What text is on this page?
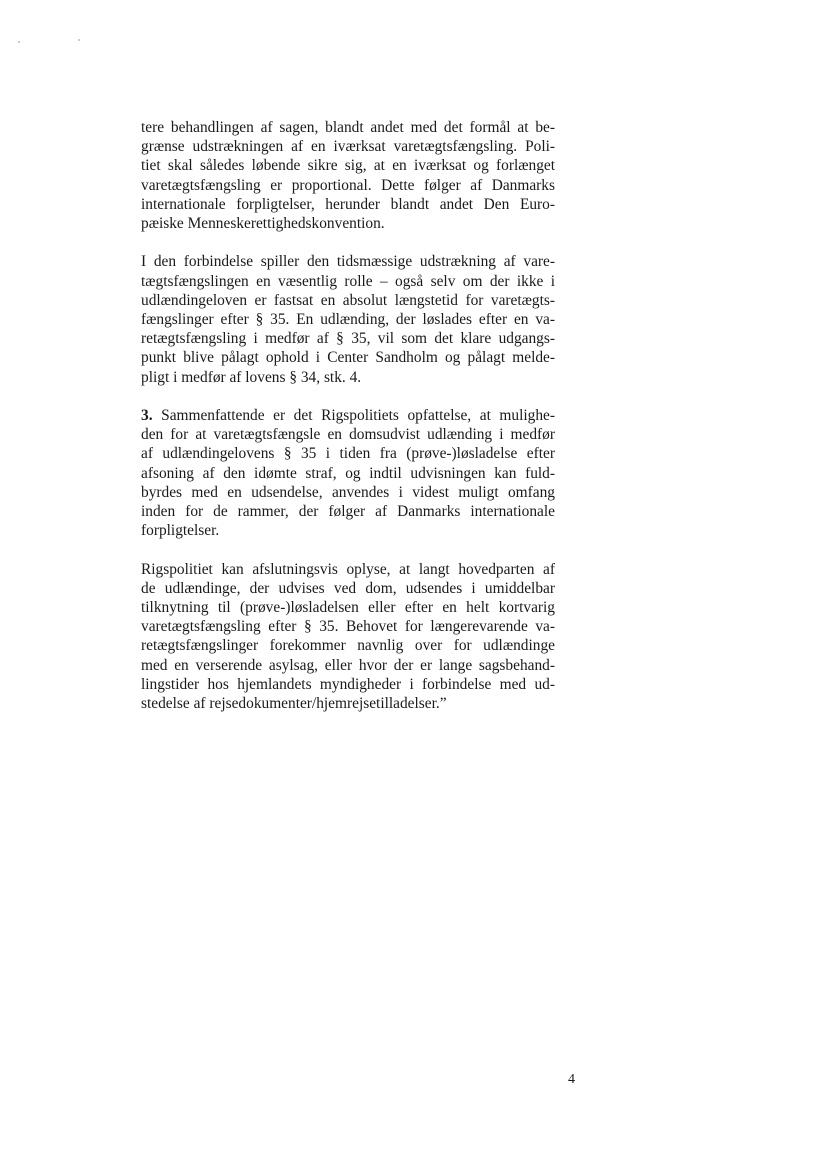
tere behandlingen af sagen, blandt andet med det formål at be-
grænse udstrækningen af en iværksat varetægtsfængsling. Poli-
tiet skal således løbende sikre sig, at en iværksat og forlænget
varetægtsfængsling er proportional. Dette følger af Danmarks
internationale forpligtelser, herunder blandt andet Den Euro-
pæiske Menneskerettighedskonvention.

I den forbindelse spiller den tidsmæssige udstrækning af vare-
tægtsfængslingen en væsentlig rolle – også selv om der ikke i
udlændingeloven er fastsat en absolut længstetid for varetægts-
fængslinger efter § 35. En udlænding, der løslades efter en va-
retægtsfængsling i medfør af § 35, vil som det klare udgangs-
punkt blive pålagt ophold i Center Sandholm og pålagt melde-
pligt i medfør af lovens § 34, stk. 4.

3. Sammenfattende er det Rigspolitiets opfattelse, at mulighe-
den for at varetægtsfængsle en domsudvist udlænding i medfør
af udlændingelovens § 35 i tiden fra (prøve-)løsladelse efter
afsoning af den idømte straf, og indtil udvisningen kan fuld-
byrdes med en udsendelse, anvendes i videst muligt omfang
inden for de rammer, der følger af Danmarks internationale
forpligtelser.

Rigspolitiet kan afslutningsvis oplyse, at langt hovedparten af
de udlændinge, der udvises ved dom, udsendes i umiddelbar
tilknytning til (prøve-)løsladelsen eller efter en helt kortvarig
varetægtsfængsling efter § 35. Behovet for længerevarende va-
retægtsfængslinger forekommer navnlig over for udlændinge
med en verserende asylsag, eller hvor der er lange sagsbehand-
lingstider hos hjemlandets myndigheder i forbindelse med ud-
stedelse af rejsedokumenter/hjemrejsetilladelser.”

4
